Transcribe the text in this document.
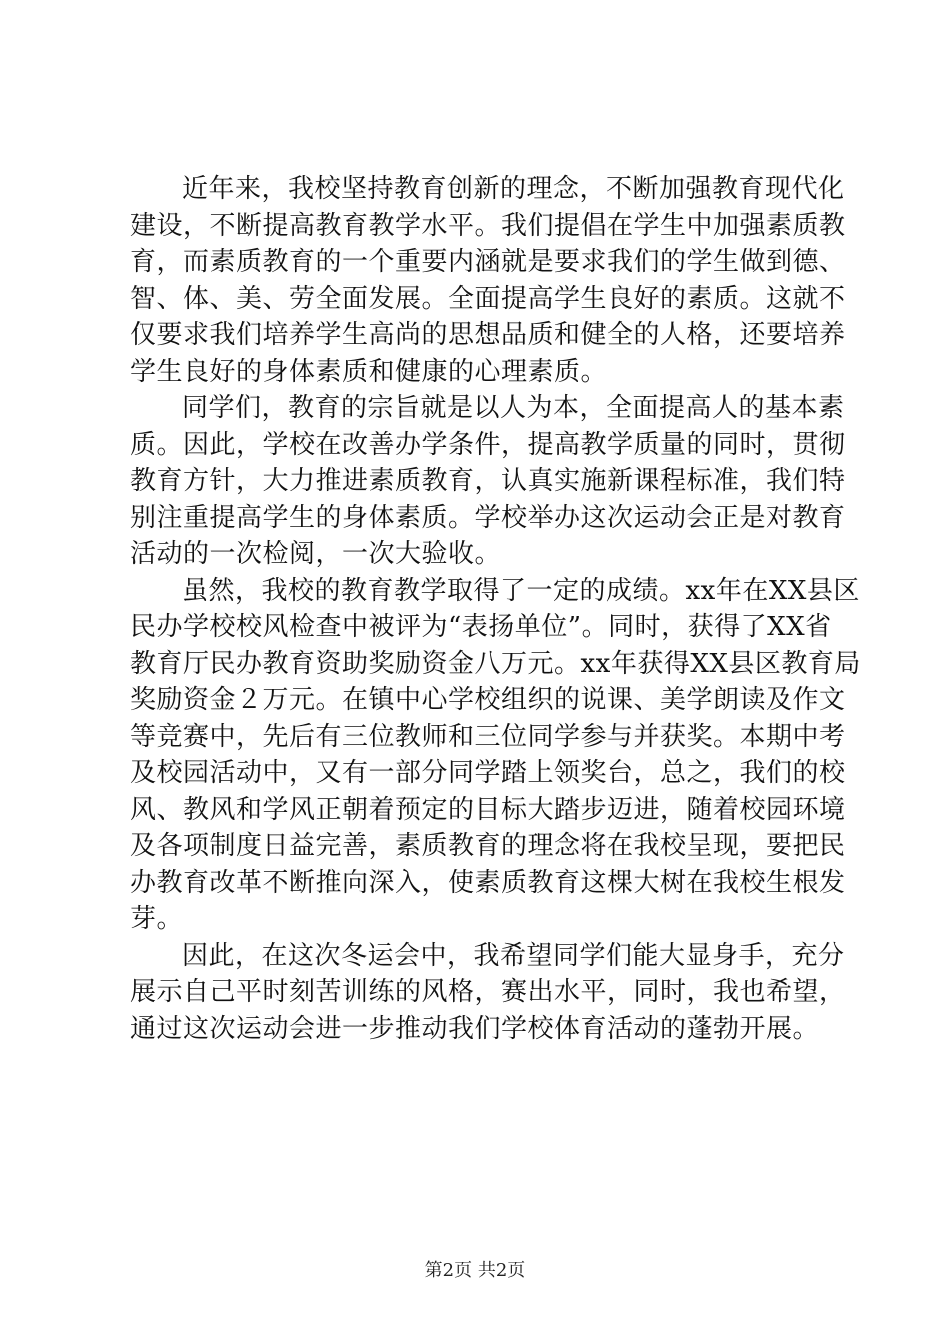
近年来，我校坚持教育创新的理念，不断加强教育现代化
建设，不断提高教育教学水平。我们提倡在学生中加强素质教
育，而素质教育的一个重要内涵就是要求我们的学生做到德、
智、体、美、劳全面发展。全面提高学生良好的素质。这就不
仅要求我们培养学生高尚的思想品质和健全的人格，还要培养
学生良好的身体素质和健康的心理素质。
同学们，教育的宗旨就是以人为本，全面提高人的基本素
质。因此，学校在改善办学条件，提高教学质量的同时，贯彻
教育方针，大力推进素质教育，认真实施新课程标准，我们特
别注重提高学生的身体素质。学校举办这次运动会正是对教育
活动的一次检阅，一次大验收。
虽然，我校的教育教学取得了一定的成绩。xx年在XX县区
民办学校校风检查中被评为“表扬单位”。同时，获得了XX省
教育厅民办教育资助奖励资金八万元。xx年获得XX县区教育局
奖励资金２万元。在镇中心学校组织的说课、美学朗读及作文
等竞赛中，先后有三位教师和三位同学参与并获奖。本期中考
及校园活动中，又有一部分同学踏上领奖台，总之，我们的校
风、教风和学风正朝着预定的目标大踏步迈进，随着校园环境
及各项制度日益完善，素质教育的理念将在我校呈现，要把民
办教育改革不断推向深入，使素质教育这棵大树在我校生根发
芽。
因此，在这次冬运会中，我希望同学们能大显身手，充分
展示自己平时刻苦训练的风格，赛出水平，同时，我也希望，
通过这次运动会进一步推动我们学校体育活动的蓬勃开展。
第2页 共2页
